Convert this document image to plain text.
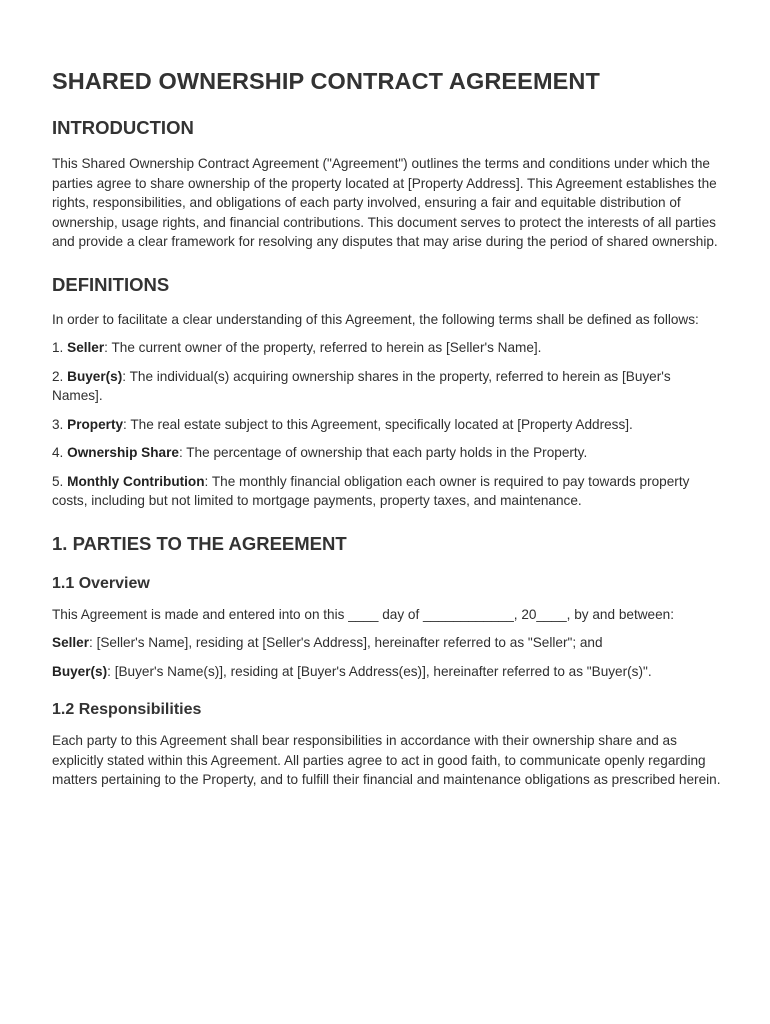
SHARED OWNERSHIP CONTRACT AGREEMENT
INTRODUCTION

This Shared Ownership Contract Agreement ("Agreement") outlines the terms and conditions under which the parties agree to share ownership of the property located at [Property Address]. This Agreement establishes the rights, responsibilities, and obligations of each party involved, ensuring a fair and equitable distribution of ownership, usage rights, and financial contributions. This document serves to protect the interests of all parties and provide a clear framework for resolving any disputes that may arise during the period of shared ownership.

DEFINITIONS

In order to facilitate a clear understanding of this Agreement, the following terms shall be defined as follows:

1. Seller: The current owner of the property, referred to herein as [Seller's Name].

2. Buyer(s): The individual(s) acquiring ownership shares in the property, referred to herein as [Buyer's Names].

3. Property: The real estate subject to this Agreement, specifically located at [Property Address].

4. Ownership Share: The percentage of ownership that each party holds in the Property.

5. Monthly Contribution: The monthly financial obligation each owner is required to pay towards property costs, including but not limited to mortgage payments, property taxes, and maintenance.

1. PARTIES TO THE AGREEMENT
1.1 Overview

This Agreement is made and entered into on this ____ day of ____________, 20____, by and between:

Seller: [Seller's Name], residing at [Seller's Address], hereinafter referred to as "Seller"; and

Buyer(s): [Buyer's Name(s)], residing at [Buyer's Address(es)], hereinafter referred to as "Buyer(s)".

1.2 Responsibilities

Each party to this Agreement shall bear responsibilities in accordance with their ownership share and as explicitly stated within this Agreement. All parties agree to act in good faith, to communicate openly regarding matters pertaining to the Property, and to fulfill their financial and maintenance obligations as prescribed herein.
